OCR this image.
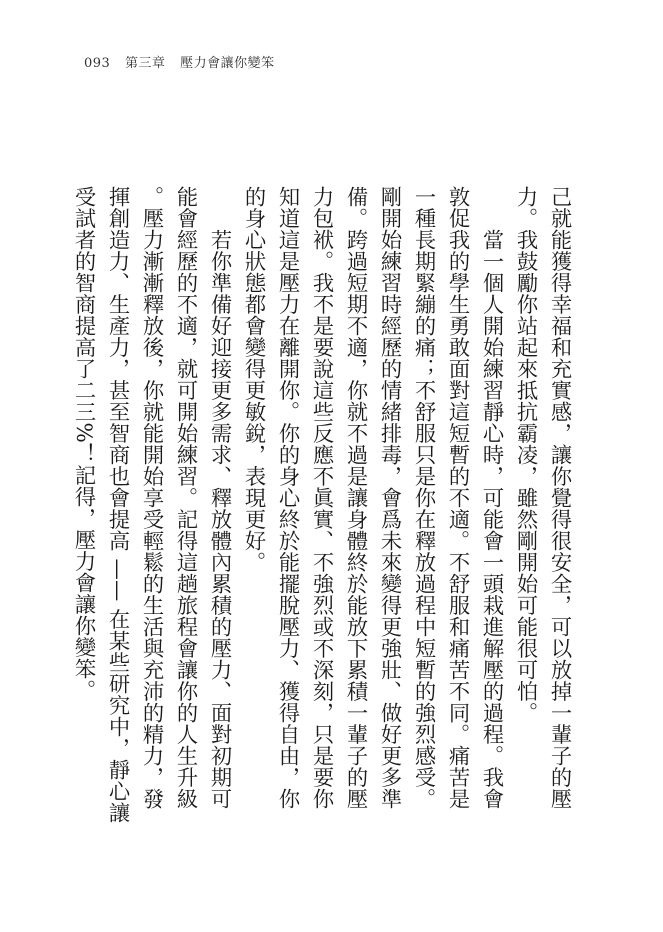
093 第三章 壓力會讓你變笨

己就能獲得幸福和充實感，讓你覺得很安全，可以放掉一輩子的壓力。我鼓勵你站起來抵抗霸凌，雖然剛開始可能很可怕。

當一個人開始練習靜心時，可能會一頭栽進解壓的過程。我會敦促我的學生勇敢面對這短暫的不適。不舒服和痛苦不同。痛苦是一種長期緊繃的痛；不舒服只是你在釋放過程中短暫的強烈感受。剛開始練習時經歷的情緒排毒，會爲未來變得更強壯、做好更多準備。跨過短期不適，你就不過是讓身體終於能放下累積一輩子的壓力包袱。我不是要說這些反應不眞實、不強烈或不深刻，只是要你知道這是壓力在離開你。你的身心終於能擺脫壓力、獲得自由，你的身心狀態都會變得更敏銳，表現更好。

若你準備好迎接更多需求、釋放體內累積的壓力、面對初期可能會經歷的不適，就可開始練習。記得這趟旅程會讓你的人生升級。壓力漸漸釋放後，你就能開始享受輕鬆的生活與充沛的精力，發揮創造力、生產力，甚至智商也會提高 —— 在某些研究中，靜心讓受試者的智商提高了二三%！記得，壓力會讓你變笨。
